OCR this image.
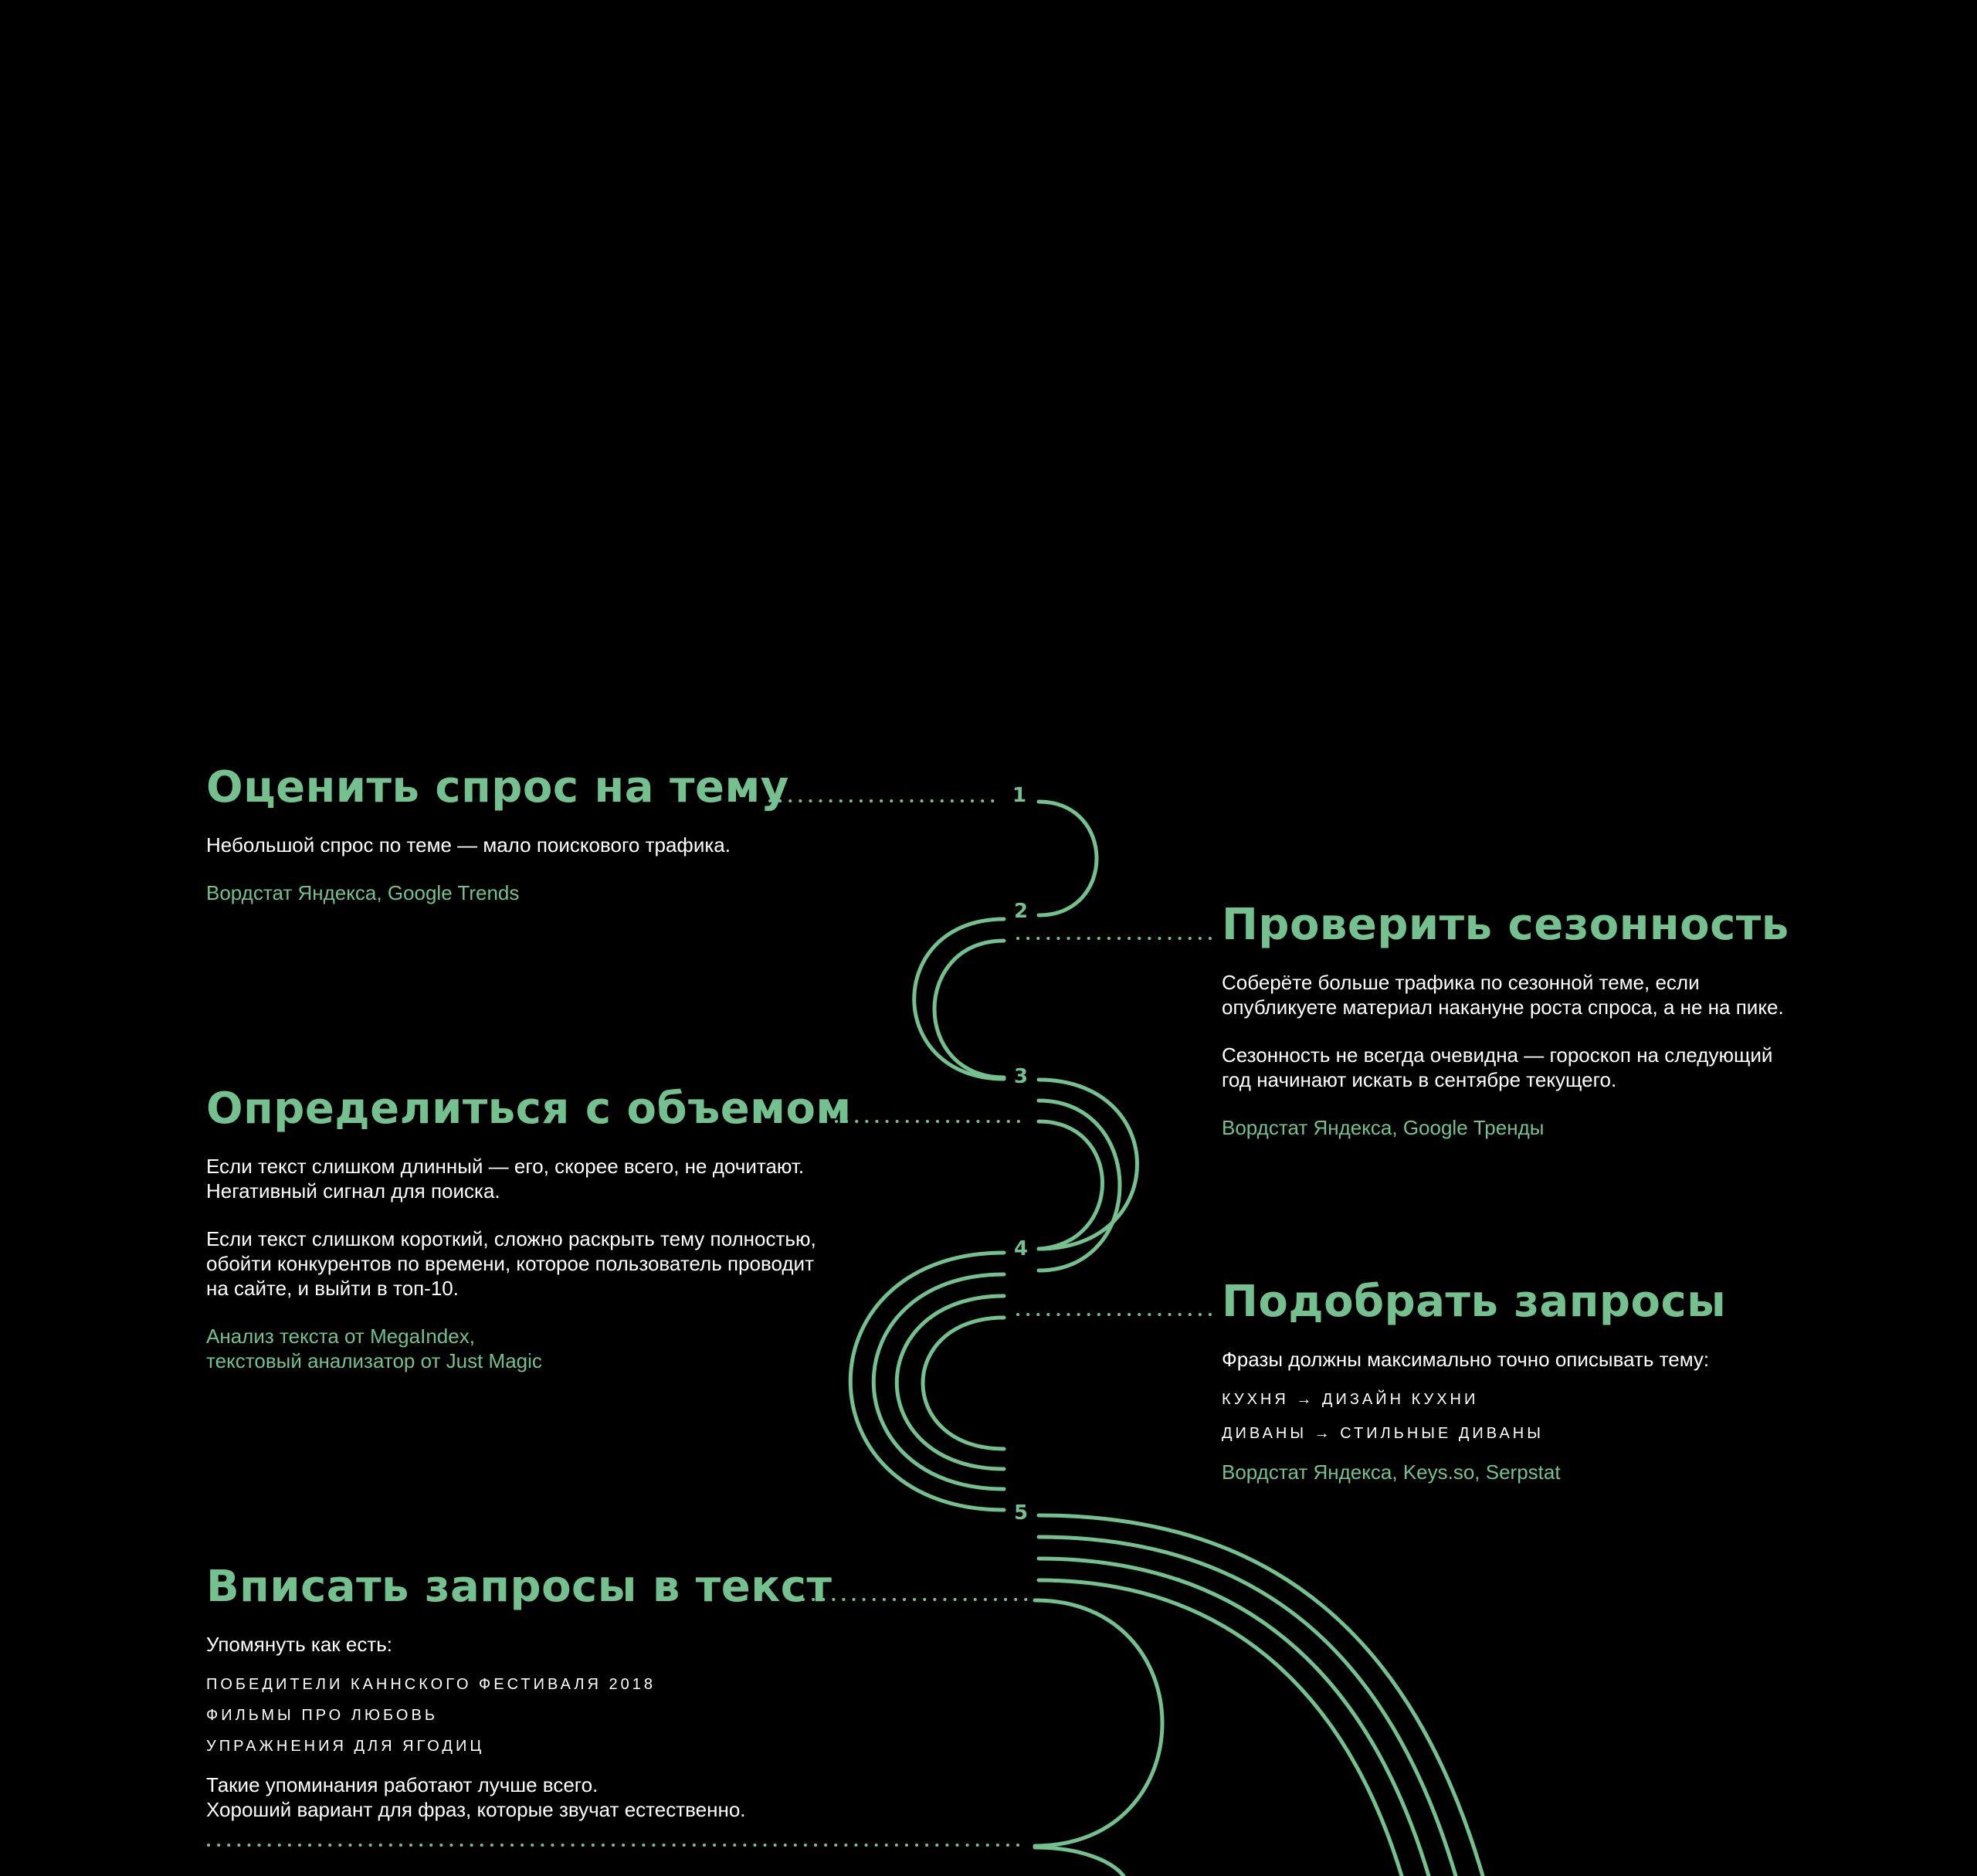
1
2
3
4
5
Оценить спрос на тему

Небольшой спрос по теме — мало поискового трафика.

Вордстат Яндекса, Google Trends

Проверить сезонность

Соберёте больше трафика по сезонной теме, если

опубликуете материал накануне роста спроса, а не на пике.

Сезонность не всегда очевидна — гороскоп на следующий

год начинают искать в сентябре текущего.

Вордстат Яндекса, Google Тренды

Определиться с объемом

Если текст слишком длинный — его, скорее всего, не дочитают.

Негативный сигнал для поиска.

Если текст слишком короткий, сложно раскрыть тему полностью,

обойти конкурентов по времени, которое пользователь проводит

на сайте, и выйти в топ-10.

Анализ текста от MegaIndex,

текстовый анализатор от Just Magic

Подобрать запросы

Фразы должны максимально точно описывать тему:

КУХНЯ → ДИЗАЙН КУХНИ

ДИВАНЫ → СТИЛЬНЫЕ ДИВАНЫ

Вордстат Яндекса, Keys.so, Serpstat

Вписать запросы в текст

Упомянуть как есть:

ПОБЕДИТЕЛИ КАННСКОГО ФЕСТИВАЛЯ 2018

ФИЛЬМЫ ПРО ЛЮБОВЬ

УПРАЖНЕНИЯ ДЛЯ ЯГОДИЦ

Такие упоминания работают лучше всего.

Хороший вариант для фраз, которые звучат естественно.
